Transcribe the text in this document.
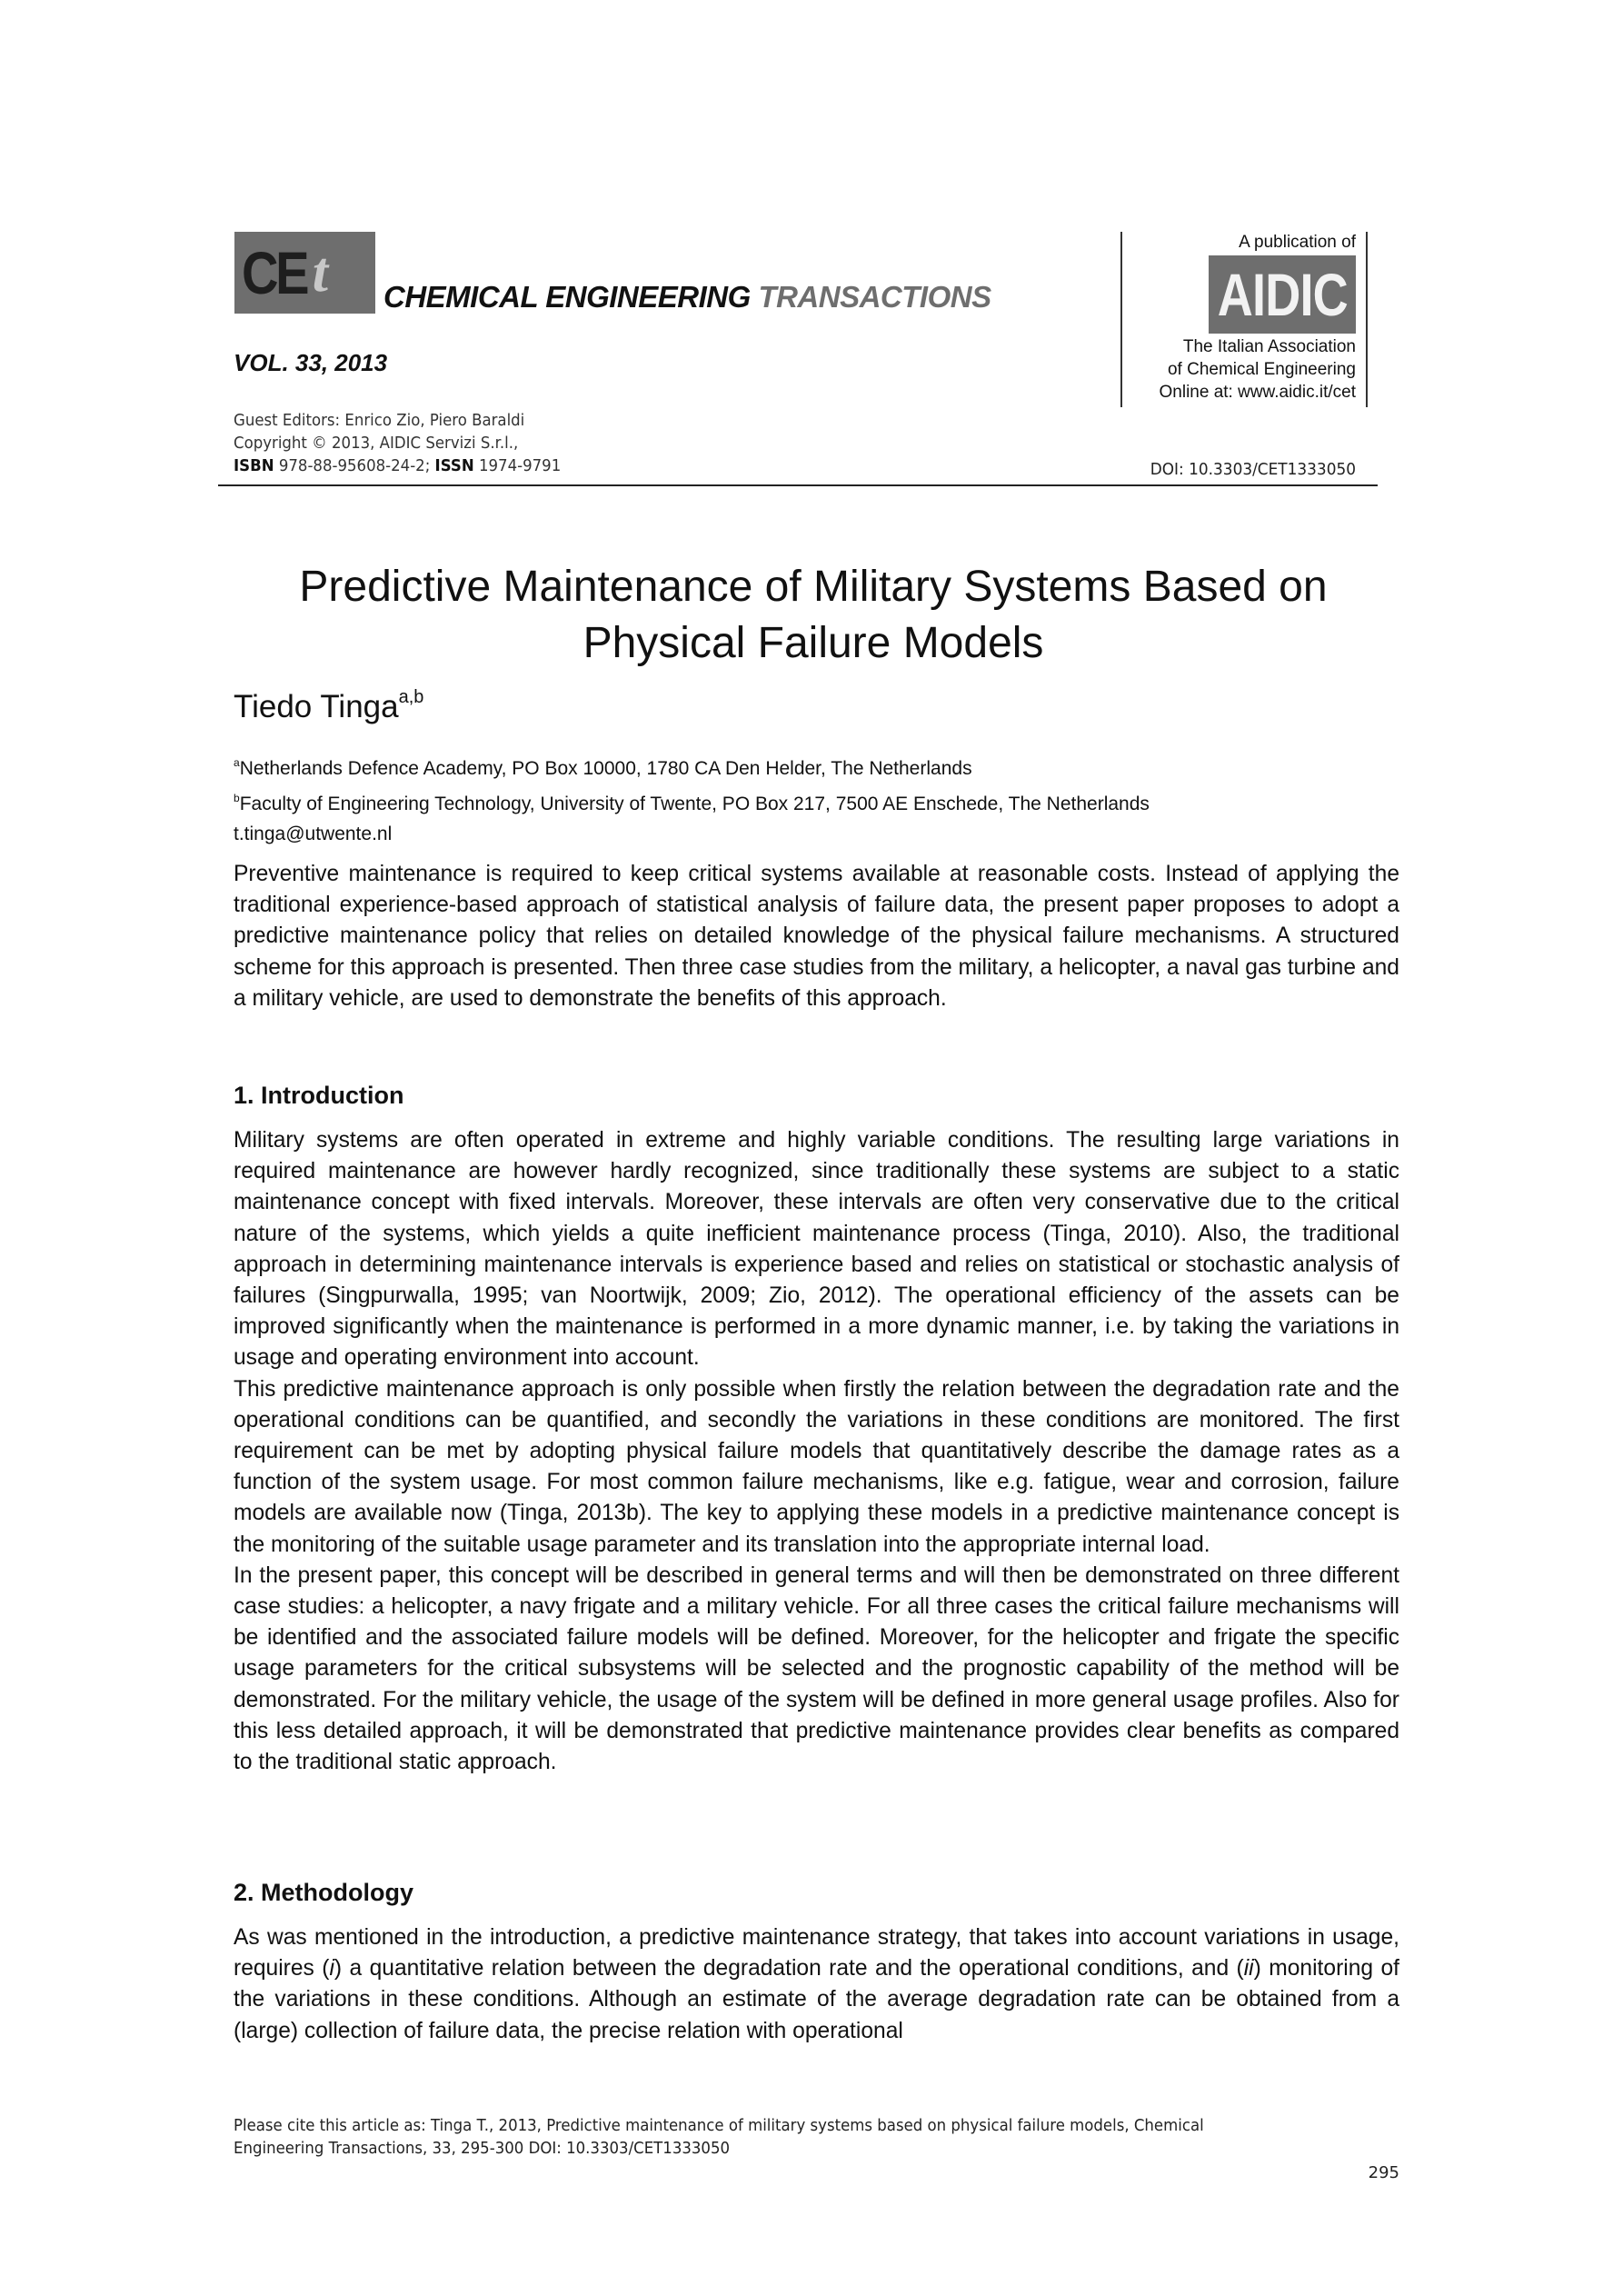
CE t CHEMICAL ENGINEERING TRANSACTIONS
VOL. 33, 2013
Guest Editors: Enrico Zio, Piero Baraldi
Copyright © 2013, AIDIC Servizi S.r.l.,
ISBN 978-88-95608-24-2; ISSN 1974-9791
A publication of
AIDIC
The Italian Association
of Chemical Engineering
Online at: www.aidic.it/cet
DOI: 10.3303/CET1333050
Predictive Maintenance of Military Systems Based on
Physical Failure Models
Tiedo Tinga$^{a,b}$
$^a$Netherlands Defence Academy, PO Box 10000, 1780 CA Den Helder, The Netherlands
$^b$Faculty of Engineering Technology, University of Twente, PO Box 217, 7500 AE Enschede, The Netherlands
t.tinga@utwente.nl

Preventive maintenance is required to keep critical systems available at reasonable costs. Instead of applying the traditional experience-based approach of statistical analysis of failure data, the present paper proposes to adopt a predictive maintenance policy that relies on detailed knowledge of the physical failure mechanisms. A structured scheme for this approach is presented. Then three case studies from the military, a helicopter, a naval gas turbine and a military vehicle, are used to demonstrate the benefits of this approach.

1. Introduction

Military systems are often operated in extreme and highly variable conditions. The resulting large variations in required maintenance are however hardly recognized, since traditionally these systems are subject to a static maintenance concept with fixed intervals. Moreover, these intervals are often very conservative due to the critical nature of the systems, which yields a quite inefficient maintenance process (Tinga, 2010). Also, the traditional approach in determining maintenance intervals is experience based and relies on statistical or stochastic analysis of failures (Singpurwalla, 1995; van Noortwijk, 2009; Zio, 2012). The operational efficiency of the assets can be improved significantly when the maintenance is performed in a more dynamic manner, i.e. by taking the variations in usage and operating environment into account.

This predictive maintenance approach is only possible when firstly the relation between the degradation rate and the operational conditions can be quantified, and secondly the variations in these conditions are monitored. The first requirement can be met by adopting physical failure models that quantitatively describe the damage rates as a function of the system usage. For most common failure mechanisms, like e.g. fatigue, wear and corrosion, failure models are available now (Tinga, 2013b). The key to applying these models in a predictive maintenance concept is the monitoring of the suitable usage parameter and its translation into the appropriate internal load.

In the present paper, this concept will be described in general terms and will then be demonstrated on three different case studies: a helicopter, a navy frigate and a military vehicle. For all three cases the critical failure mechanisms will be identified and the associated failure models will be defined. Moreover, for the helicopter and frigate the specific usage parameters for the critical subsystems will be selected and the prognostic capability of the method will be demonstrated. For the military vehicle, the usage of the system will be defined in more general usage profiles. Also for this less detailed approach, it will be demonstrated that predictive maintenance provides clear benefits as compared to the traditional static approach.

2. Methodology

As was mentioned in the introduction, a predictive maintenance strategy, that takes into account variations in usage, requires (i) a quantitative relation between the degradation rate and the operational conditions, and (ii) monitoring of the variations in these conditions. Although an estimate of the average degradation rate can be obtained from a (large) collection of failure data, the precise relation with operational

Please cite this article as: Tinga T., 2013, Predictive maintenance of military systems based on physical failure models, Chemical
Engineering Transactions, 33, 295-300 DOI: 10.3303/CET1333050
295
